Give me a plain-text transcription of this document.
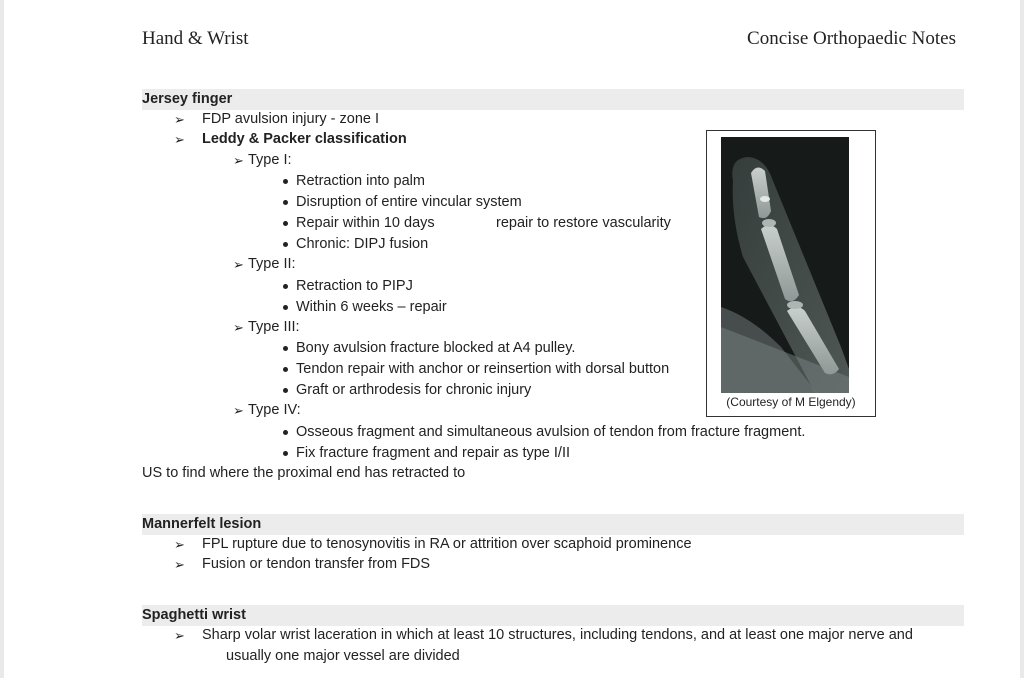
Hand & Wrist	Concise Orthopaedic Notes
Jersey finger
➢ FDP avulsion injury - zone I
➢ Leddy & Packer classification
➢ Type I:
Retraction into palm
Disruption of entire vincular system
Repair within 10 days	repair to restore vascularity
Chronic: DIPJ fusion
➢ Type II:
Retraction to PIPJ
Within 6 weeks – repair
➢ Type III:
Bony avulsion fracture blocked at A4 pulley.
Tendon repair with anchor or reinsertion with dorsal button
Graft or arthrodesis for chronic injury
➢ Type IV:
Osseous fragment and simultaneous avulsion of tendon from fracture fragment.
Fix fracture fragment and repair as type I/II
US to find where the proximal end has retracted to
(Courtesy of M Elgendy)
Mannerfelt lesion
➢ FPL rupture due to tenosynovitis in RA or attrition over scaphoid prominence
➢ Fusion or tendon transfer from FDS
Spaghetti wrist
➢ Sharp volar wrist laceration in which at least 10 structures, including tendons, and at least one major nerve and
usually one major vessel are divided
